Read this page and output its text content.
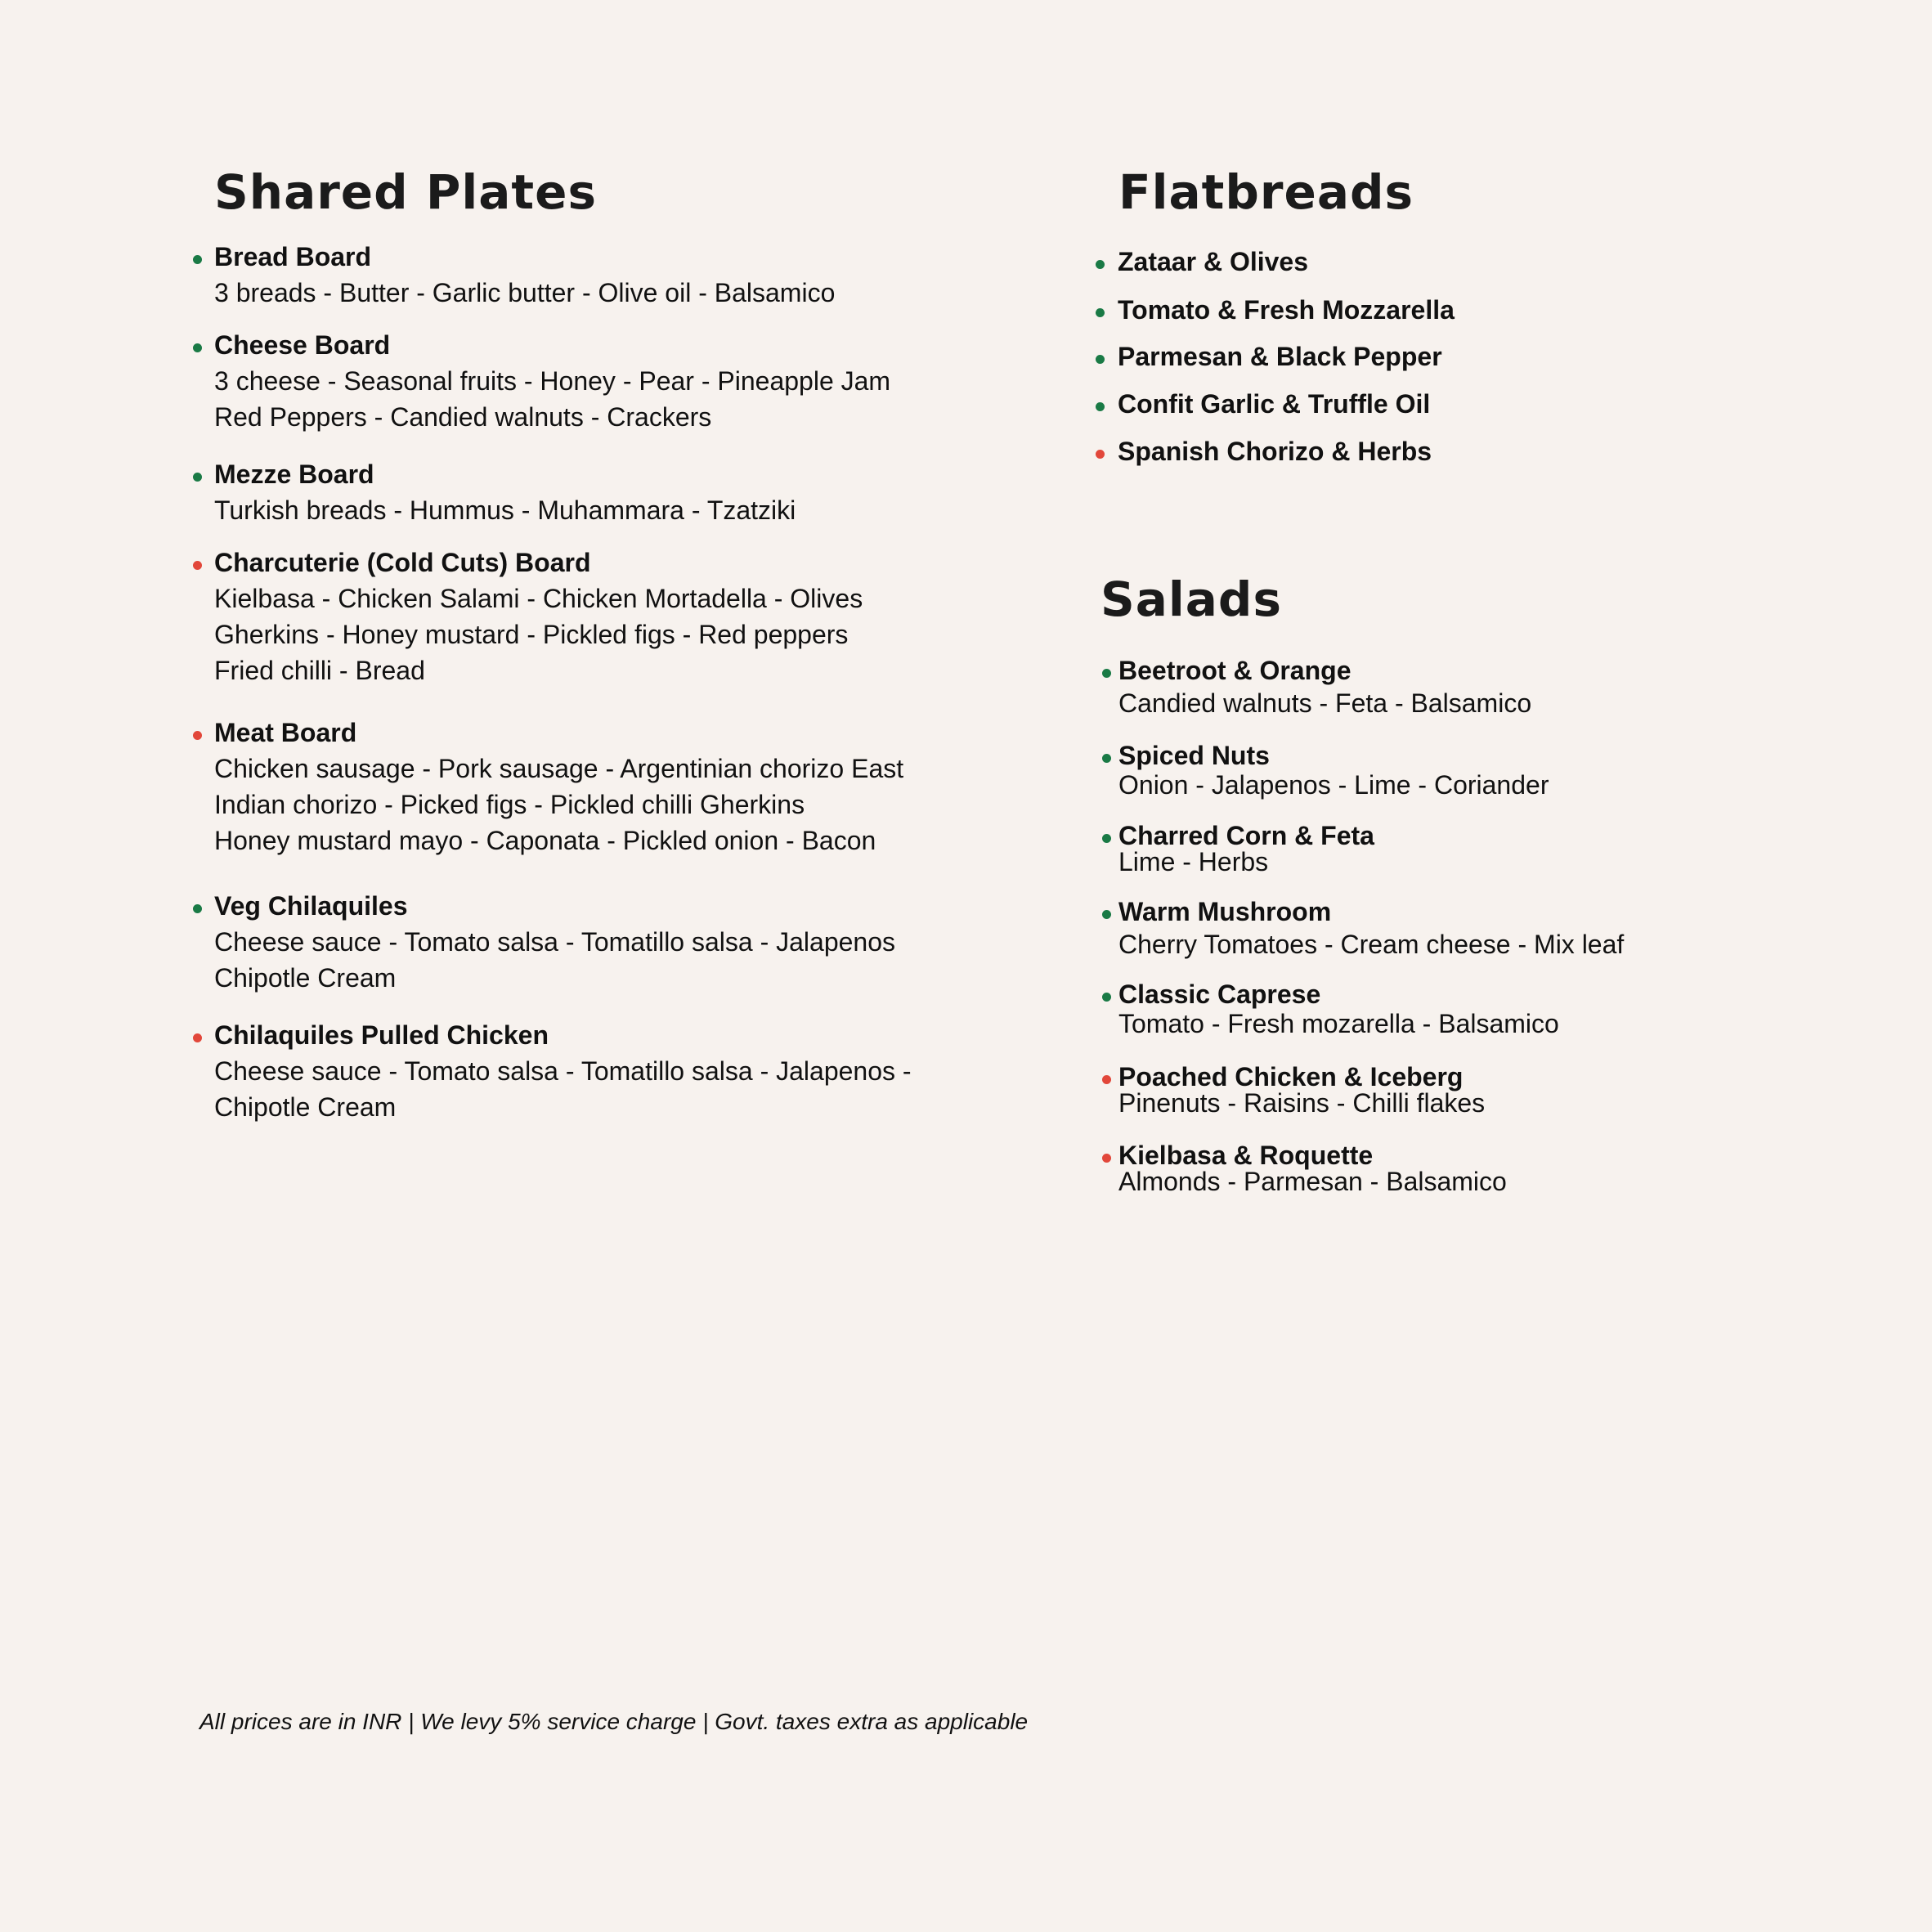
Shared Plates	Flatbreads
Salads
Bread Board
3 breads - Butter - Garlic butter - Olive oil - Balsamico
Cheese Board
3 cheese - Seasonal fruits - Honey - Pear - Pineapple Jam
Red Peppers - Candied walnuts - Crackers
Mezze Board
Turkish breads - Hummus - Muhammara - Tzatziki
Charcuterie (Cold Cuts) Board
Kielbasa - Chicken Salami - Chicken Mortadella - Olives
Gherkins - Honey mustard - Pickled figs - Red peppers
Fried chilli - Bread
Meat Board
Chicken sausage - Pork sausage - Argentinian chorizo East
Indian chorizo - Picked figs - Pickled chilli Gherkins
Honey mustard mayo - Caponata - Pickled onion - Bacon
Veg Chilaquiles
Cheese sauce - Tomato salsa - Tomatillo salsa - Jalapenos
Chipotle Cream
Chilaquiles Pulled Chicken
Cheese sauce - Tomato salsa - Tomatillo salsa - Jalapenos -
Chipotle Cream
Zataar & Olives
Tomato & Fresh Mozzarella
Parmesan & Black Pepper
Confit Garlic & Truffle Oil
Spanish Chorizo & Herbs
Beetroot & Orange
Candied walnuts - Feta - Balsamico
Spiced Nuts
Onion - Jalapenos - Lime - Coriander
Charred Corn & Feta
Lime - Herbs
Warm Mushroom
Cherry Tomatoes - Cream cheese - Mix leaf
Classic Caprese
Tomato - Fresh mozarella - Balsamico
Poached Chicken & Iceberg
Pinenuts - Raisins - Chilli flakes
Kielbasa & Roquette
Almonds - Parmesan - Balsamico
All prices are in INR | We levy 5% service charge | Govt. taxes extra as applicable
